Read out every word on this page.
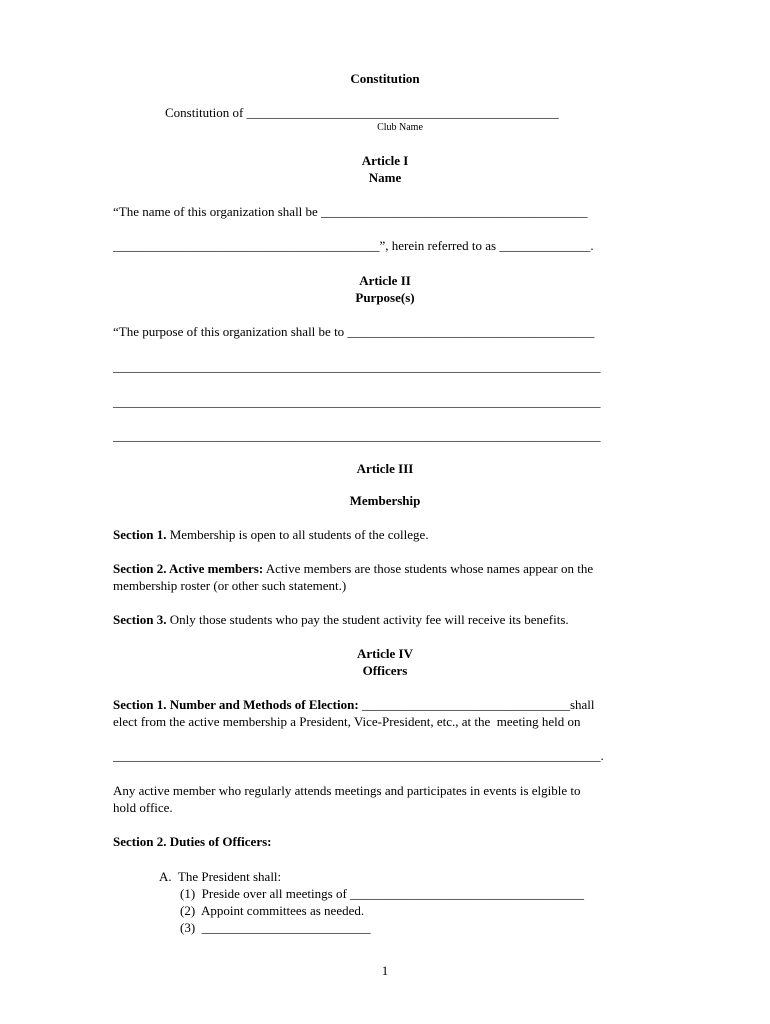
Constitution
Constitution of ________________________________________________
Club Name
Article I
Name
“The name of this organization shall be _________________________________________
_________________________________________”, herein referred to as ______________.
Article II
Purpose(s)
“The purpose of this organization shall be to ______________________________________
___________________________________________________________________________
___________________________________________________________________________
___________________________________________________________________________
Article III
Membership
Section 1. Membership is open to all students of the college.
Section 2. Active members: Active members are those students whose names appear on the
membership roster (or other such statement.)
Section 3. Only those students who pay the student activity fee will receive its benefits.
Article IV
Officers
Section 1. Number and Methods of Election: ________________________________shall
elect from the active membership a President, Vice-President, etc., at the  meeting held on
___________________________________________________________________________.
Any active member who regularly attends meetings and participates in events is elgible to
hold office.
Section 2. Duties of Officers:
A.  The President shall:
(1)  Preside over all meetings of ____________________________________
(2)  Appoint committees as needed.
(3)  __________________________
1
